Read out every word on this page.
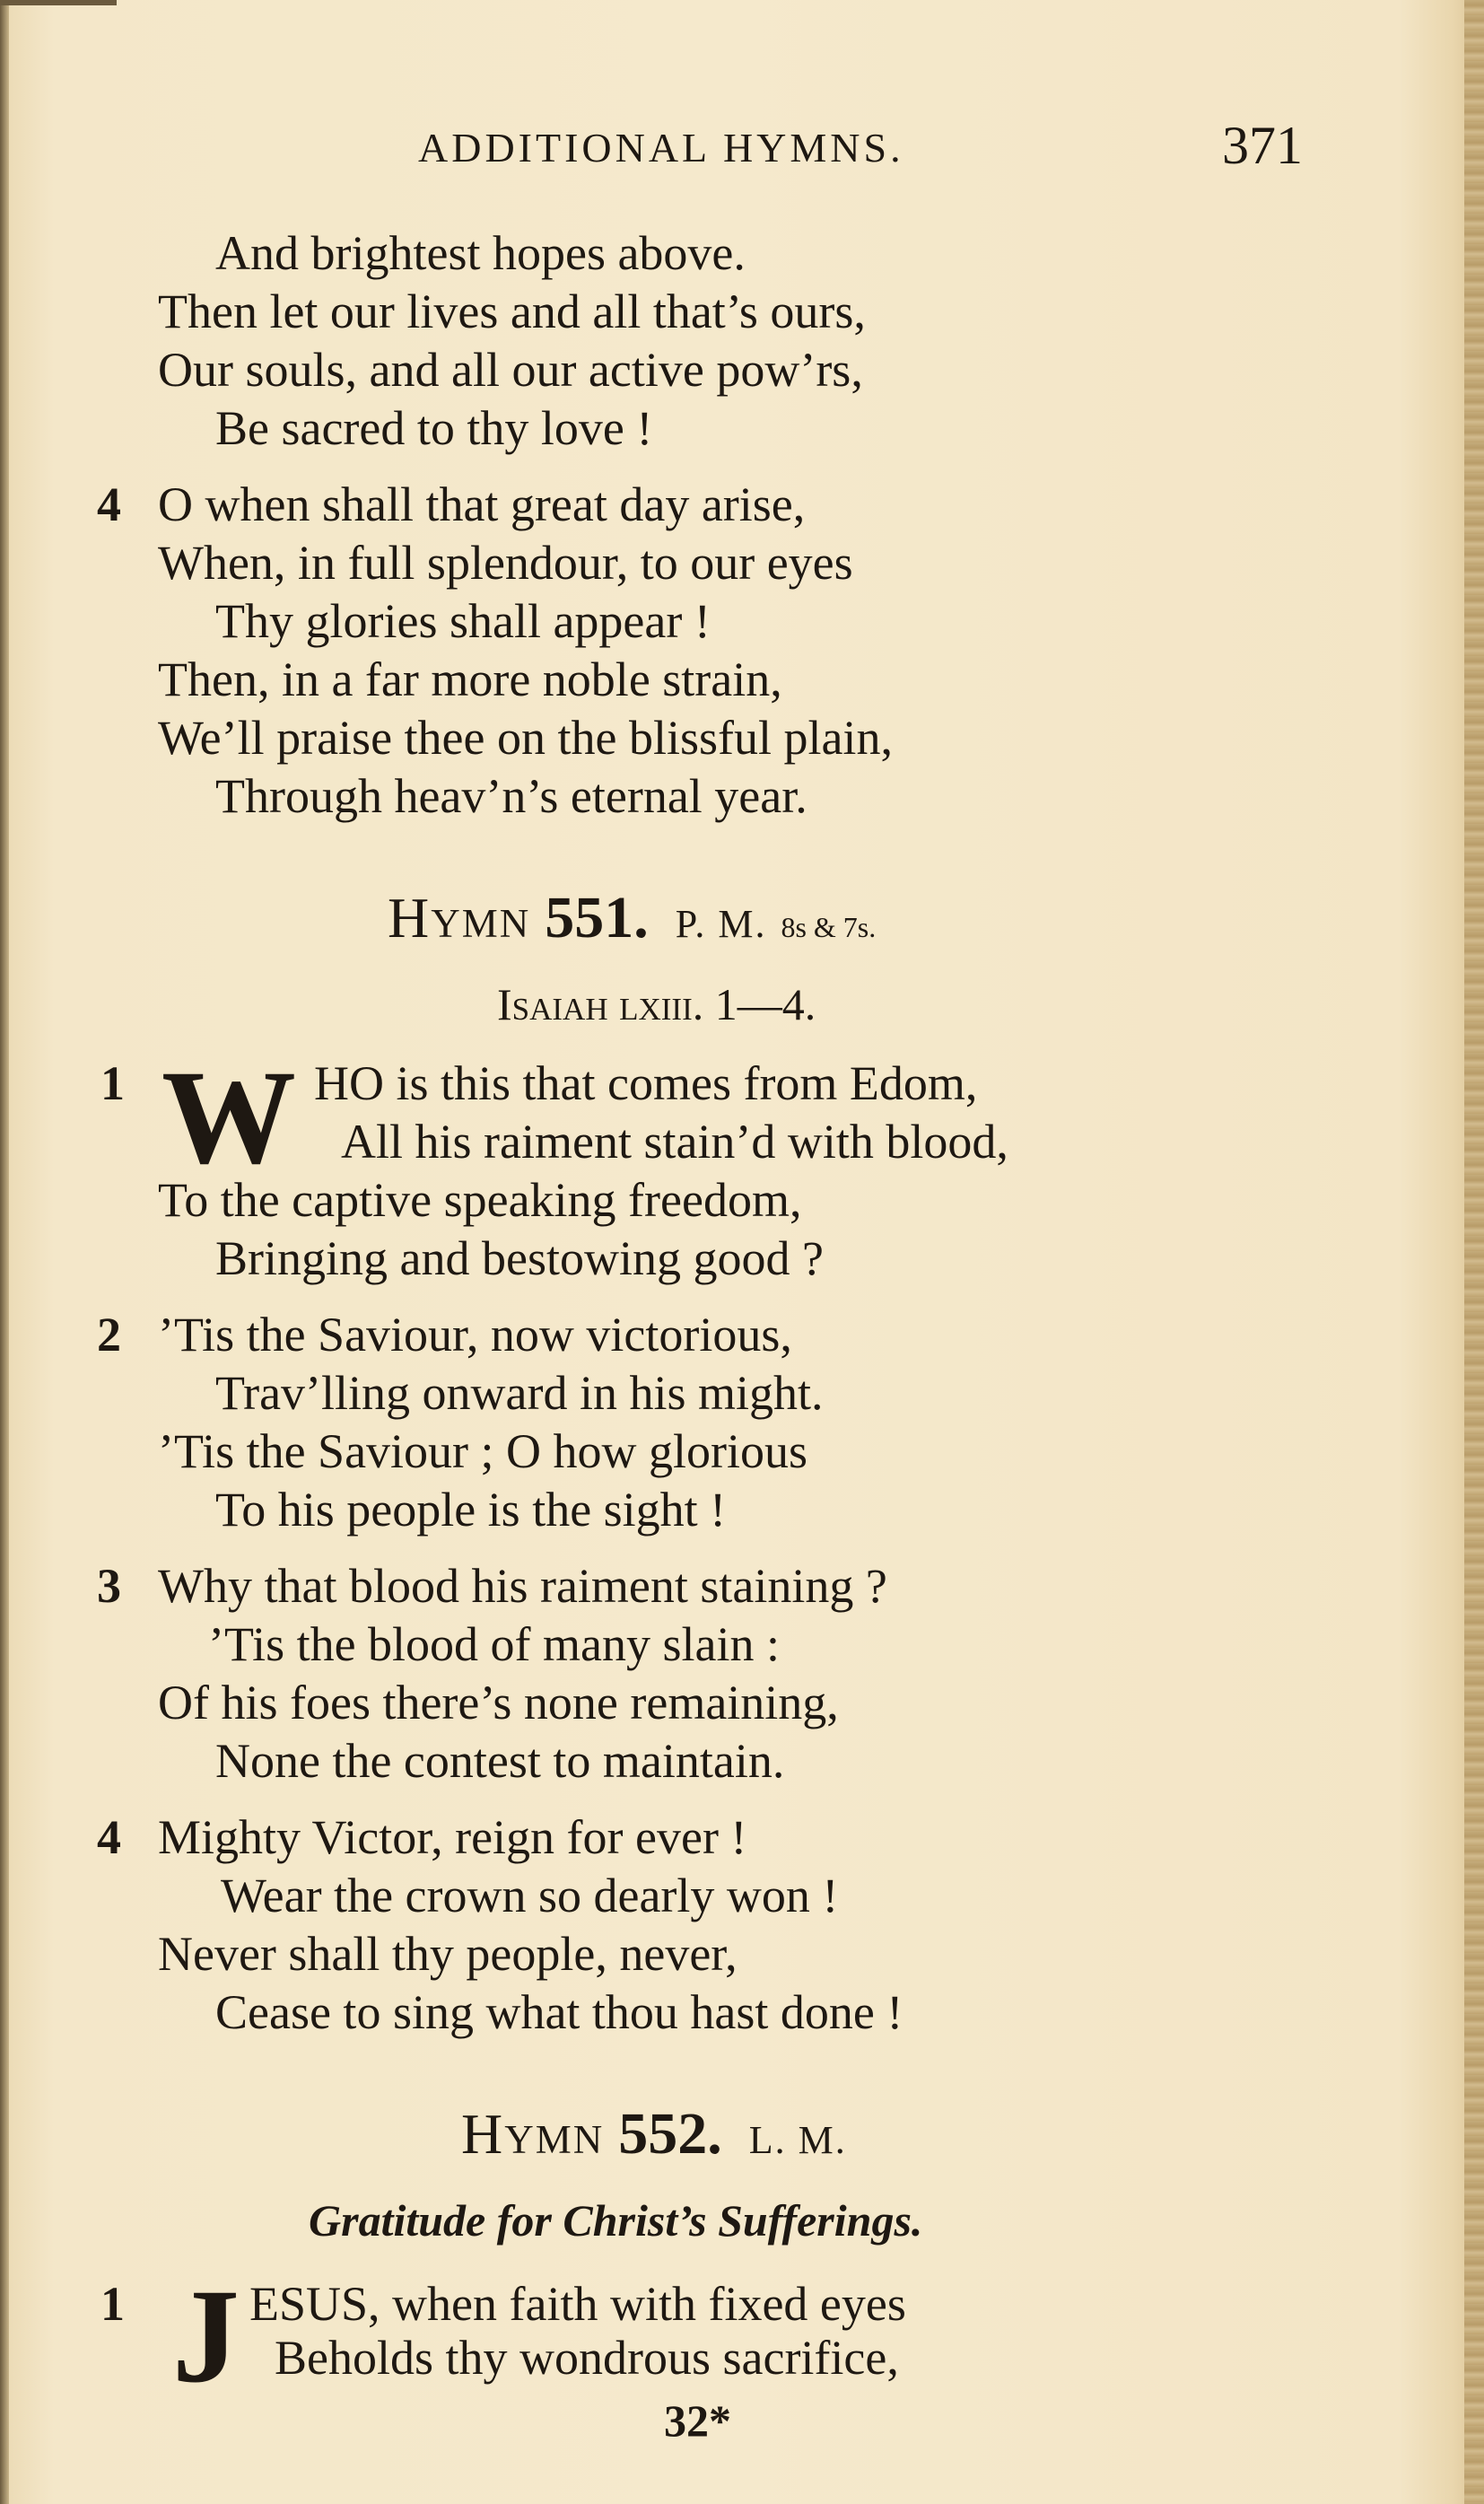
ADDITIONAL HYMNS.	371
And brightest hopes above.
Then let our lives and all that’s ours,
Our souls, and all our active pow’rs,
Be sacred to thy love !
4 O when shall that great day arise,
When, in full splendour, to our eyes
Thy glories shall appear !
Then, in a far more noble strain,
We’ll praise thee on the blissful plain,
Through heav’n’s eternal year.
Hymn 551. P. M. 8s & 7s.
Isaiah lxiii. 1—4.
1 W HO is this that comes from Edom,
All his raiment stain’d with blood,
To the captive speaking freedom,
Bringing and bestowing good ?
2 ’Tis the Saviour, now victorious,
Trav’lling onward in his might.
’Tis the Saviour ; O how glorious
To his people is the sight !
3 Why that blood his raiment staining ?
’Tis the blood of many slain :
Of his foes there’s none remaining,
None the contest to maintain.
4 Mighty Victor, reign for ever !
Wear the crown so dearly won !
Never shall thy people, never,
Cease to sing what thou hast done !
Hymn 552. L. M.
Gratitude for Christ’s Sufferings.
1 J ESUS, when faith with fixed eyes
Beholds thy wondrous sacrifice,
32*
